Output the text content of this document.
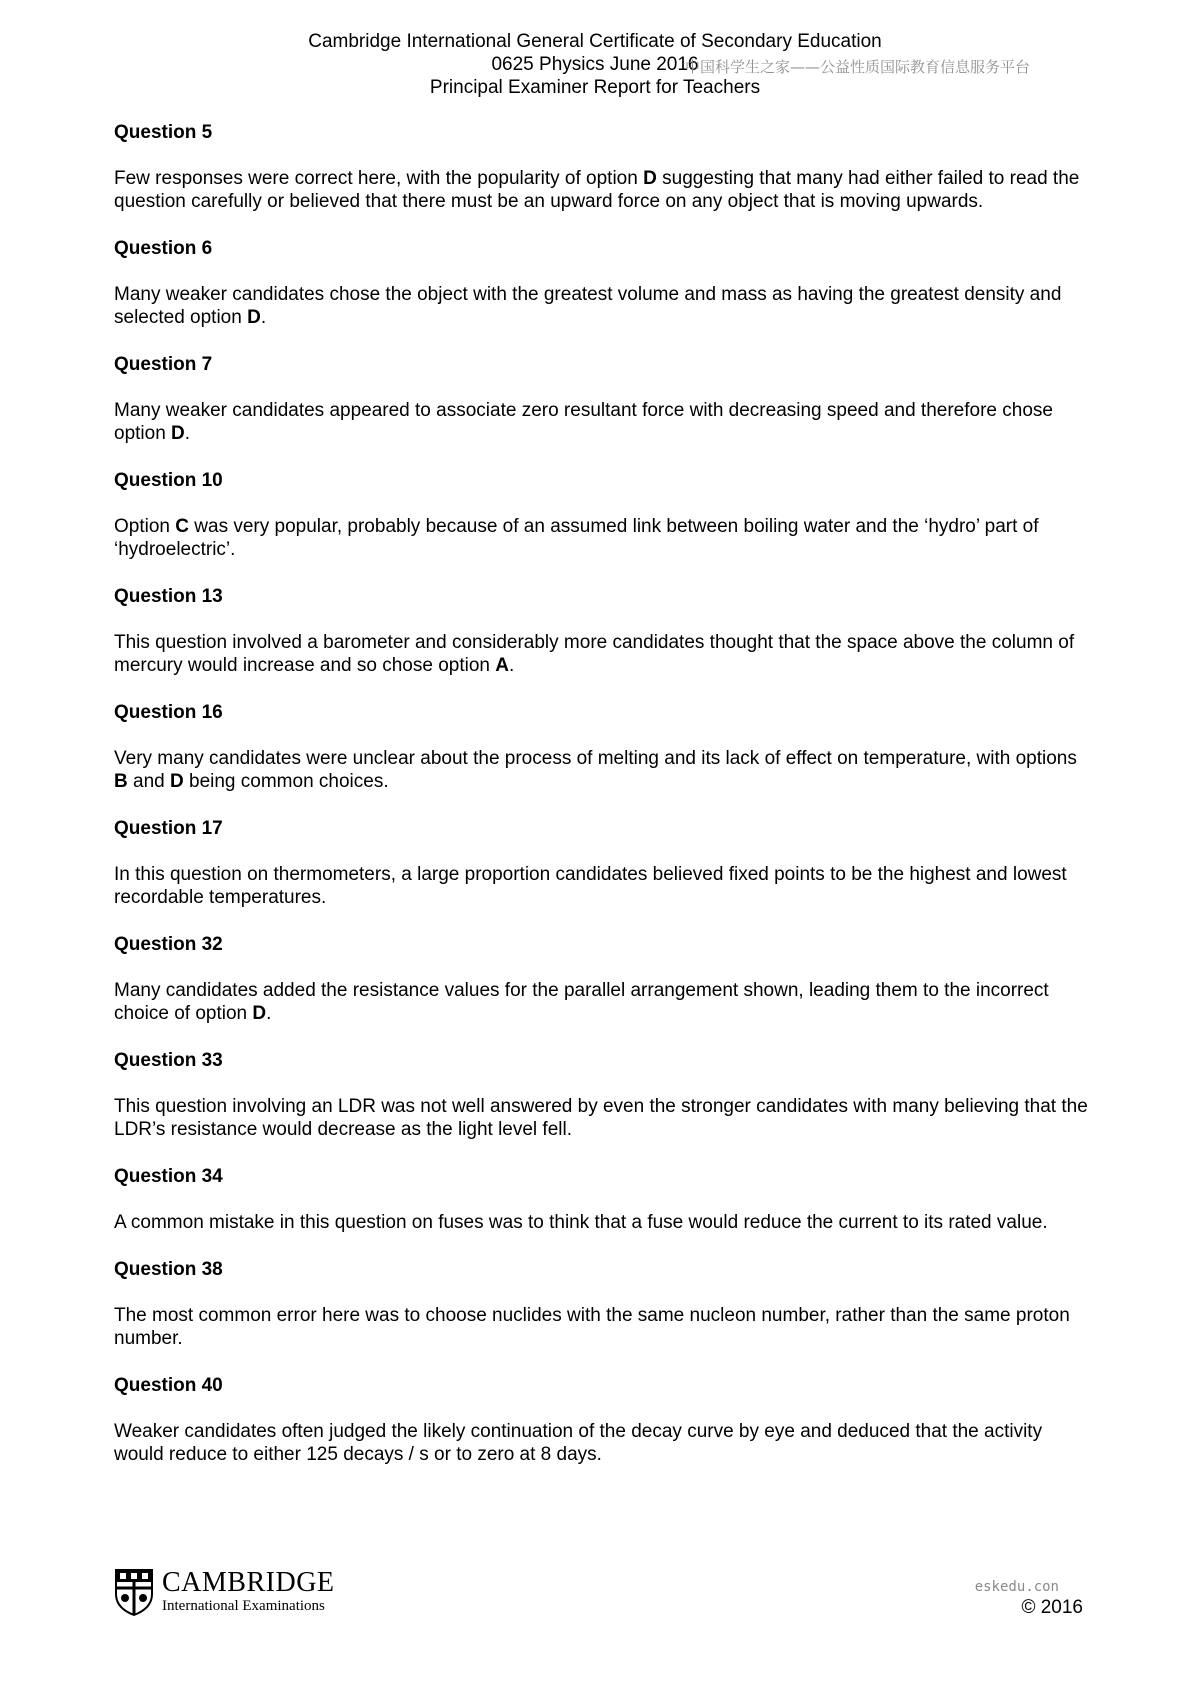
Cambridge International General Certificate of Secondary Education
0625 Physics June 2016
Principal Examiner Report for Teachers
中国科学生之家——公益性质国际教育信息服务平台
Question 5
Few responses were correct here, with the popularity of option D suggesting that many had either failed to read the question carefully or believed that there must be an upward force on any object that is moving upwards.
Question 6
Many weaker candidates chose the object with the greatest volume and mass as having the greatest density and selected option D.
Question 7
Many weaker candidates appeared to associate zero resultant force with decreasing speed and therefore chose option D.
Question 10
Option C was very popular, probably because of an assumed link between boiling water and the ‘hydro’ part of ‘hydroelectric’.
Question 13
This question involved a barometer and considerably more candidates thought that the space above the column of mercury would increase and so chose option A.
Question 16
Very many candidates were unclear about the process of melting and its lack of effect on temperature, with options B and D being common choices.
Question 17
In this question on thermometers, a large proportion candidates believed fixed points to be the highest and lowest recordable temperatures.
Question 32
Many candidates added the resistance values for the parallel arrangement shown, leading them to the incorrect choice of option D.
Question 33
This question involving an LDR was not well answered by even the stronger candidates with many believing that the LDR’s resistance would decrease as the light level fell.
Question 34
A common mistake in this question on fuses was to think that a fuse would reduce the current to its rated value.
Question 38
The most common error here was to choose nuclides with the same nucleon number, rather than the same proton number.
Question 40
Weaker candidates often judged the likely continuation of the decay curve by eye and deduced that the activity would reduce to either 125 decays / s or to zero at 8 days.
CAMBRIDGE
International Examinations
eskedu.con
© 2016
